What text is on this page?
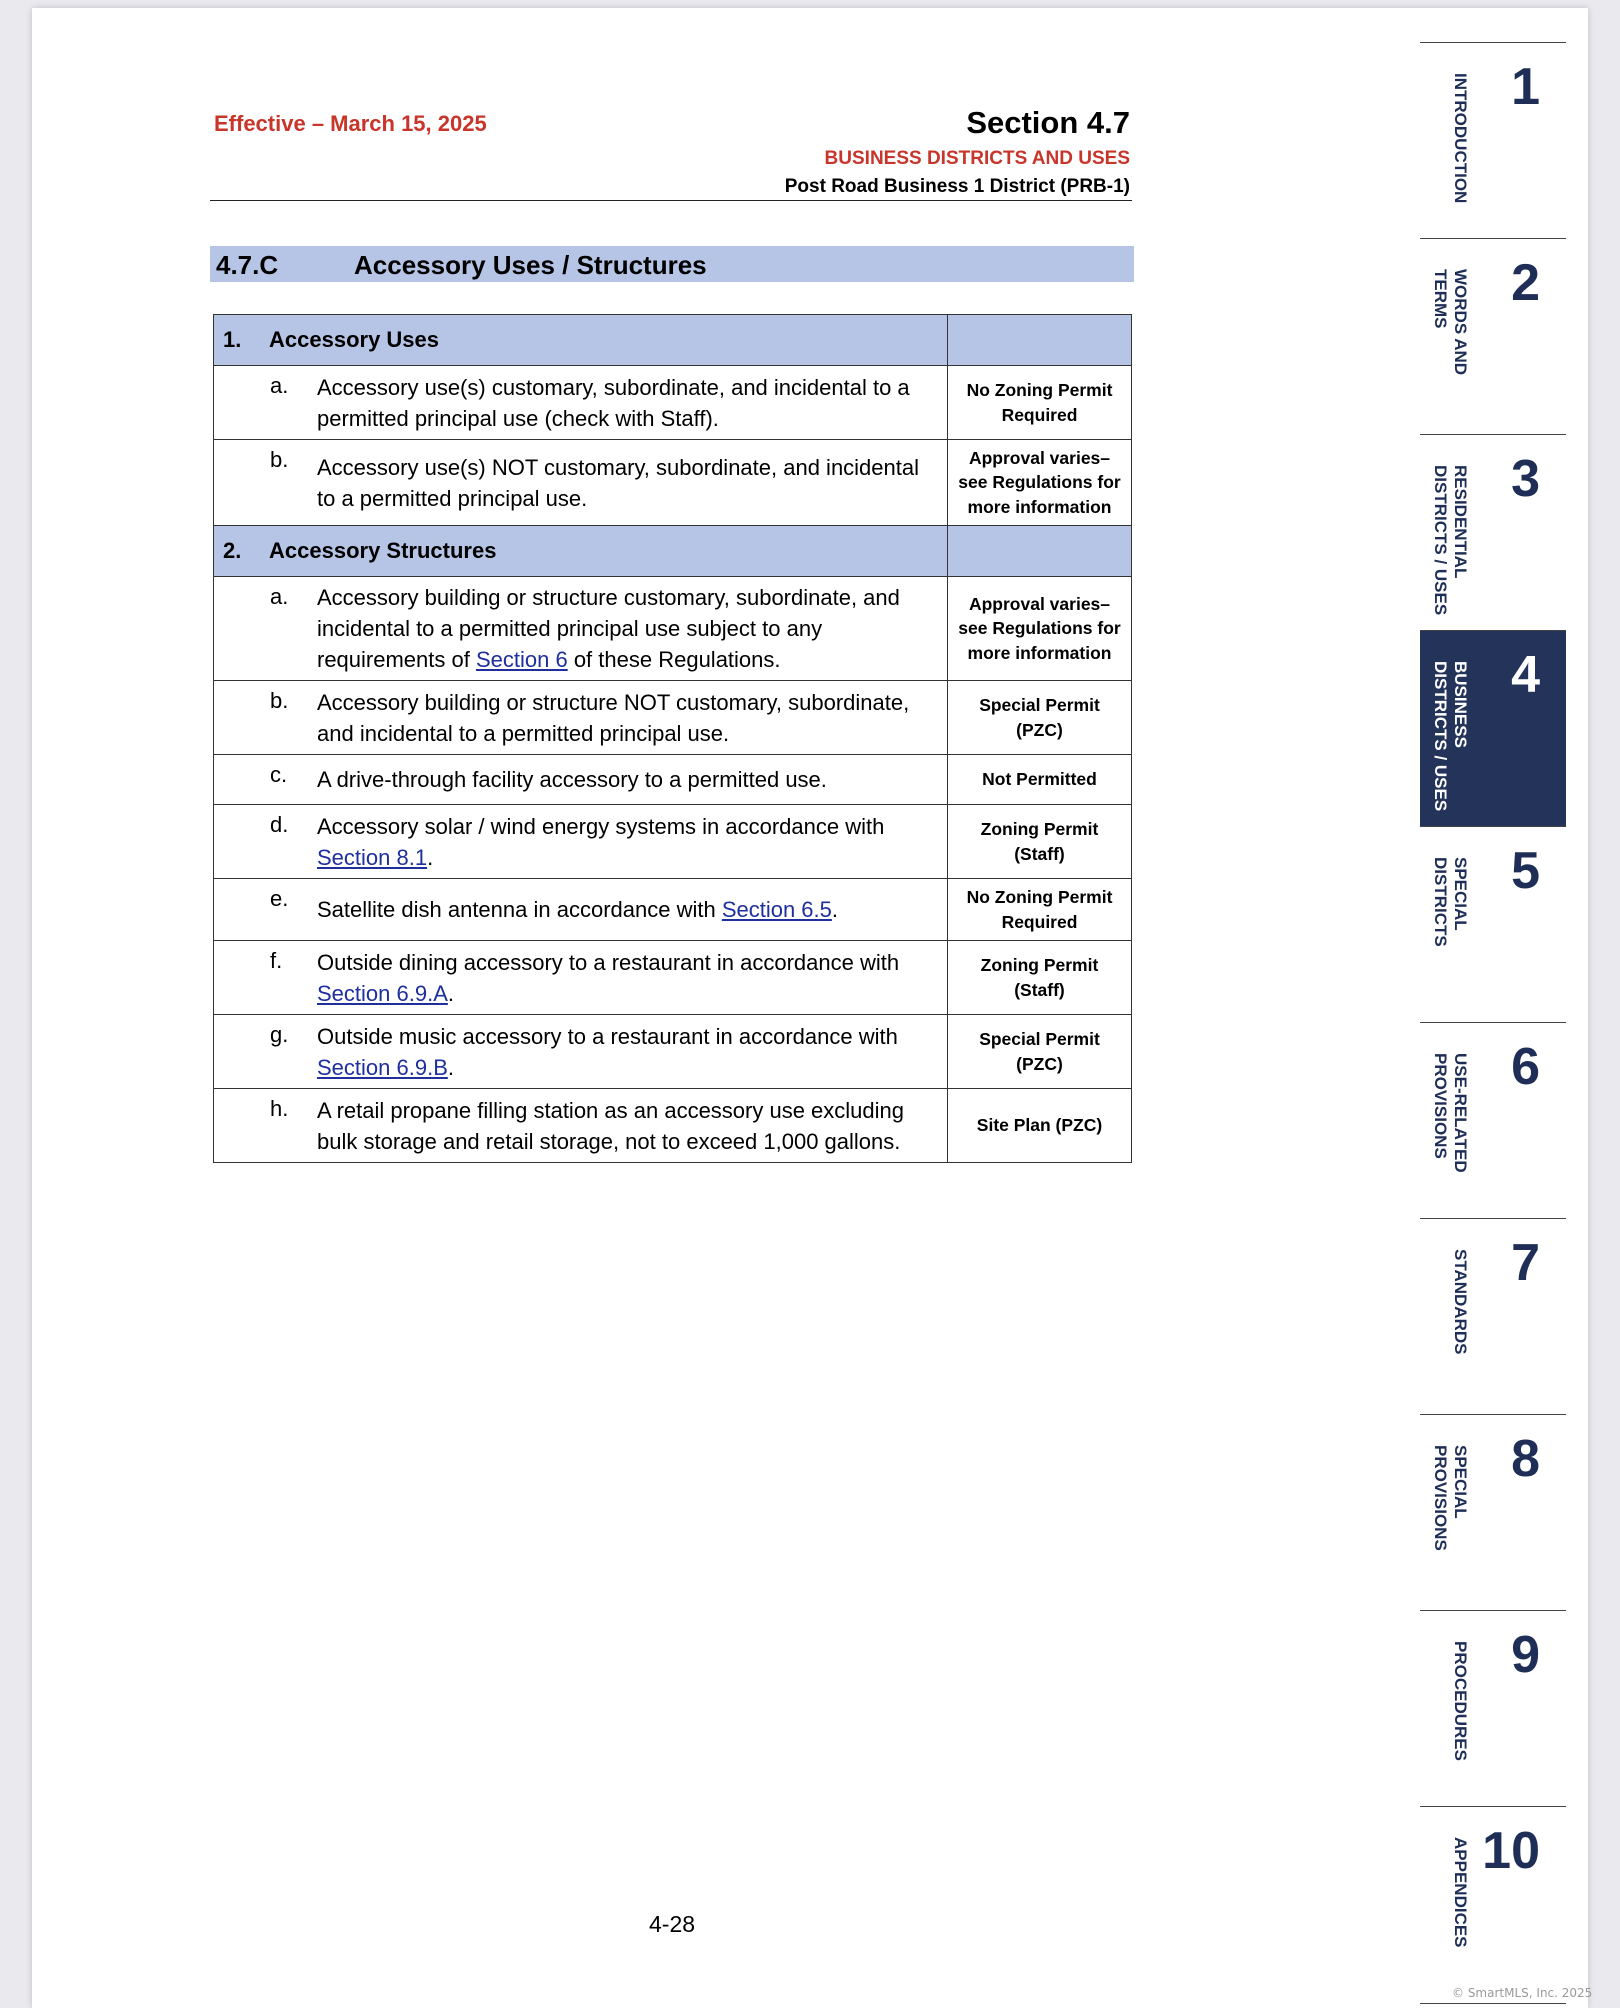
Effective – March 15, 2025	Section 4.7
BUSINESS DISTRICTS AND USES
Post Road Business 1 District (PRB-1)
4.7.C	Accessory Uses / Structures
1. Accessory Uses	

a. Accessory use(s) customary, subordinate, and incidental to a permitted principal use (check with Staff).	No Zoning Permit Required

b. Accessory use(s) NOT customary, subordinate, and incidental to a permitted principal use.	Approval varies– see Regulations for more information
2. Accessory Structures	

a. Accessory building or structure customary, subordinate, and incidental to a permitted principal use subject to any requirements of Section 6 of these Regulations.	Approval varies– see Regulations for more information

b. Accessory building or structure NOT customary, subordinate, and incidental to a permitted principal use.	Special Permit (PZC)

c. A drive-through facility accessory to a permitted use.	Not Permitted

d. Accessory solar / wind energy systems in accordance with Section 8.1.	Zoning Permit (Staff)

e. Satellite dish antenna in accordance with Section 6.5.	No Zoning Permit Required

f. Outside dining accessory to a restaurant in accordance with Section 6.9.A.	Zoning Permit (Staff)

g. Outside music accessory to a restaurant in accordance with Section 6.9.B.	Special Permit (PZC)

h. A retail propane filling station as an accessory use excluding bulk storage and retail storage, not to exceed 1,000 gallons.	Site Plan (PZC)
4-28
1
INTRODUCTION
2
WORDS AND
TERMS
3
RESIDENTIAL
DISTRICTS / USES
4
BUSINESS
DISTRICTS / USES
5
SPECIAL
DISTRICTS
6
USE-RELATED
PROVISIONS
7
STANDARDS
8
SPECIAL
PROVISIONS
9
PROCEDURES
10
APPENDICES
© SmartMLS, Inc. 2025
